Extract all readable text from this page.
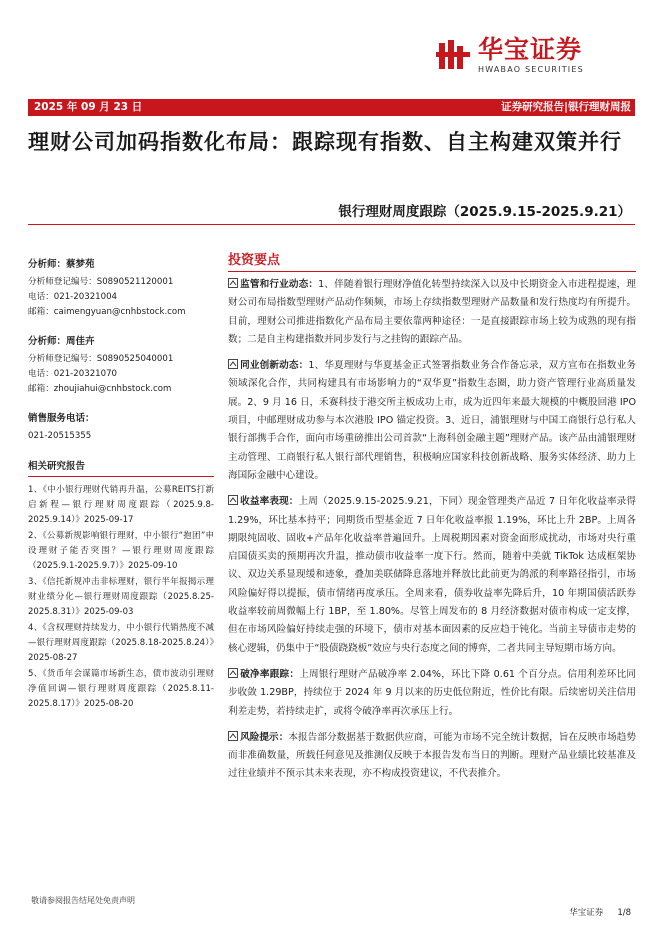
华宝证券
HWABAO SECURITIES
2025 年 09 月 23 日	证券研究报告|银行理财周报
理财公司加码指数化布局：跟踪现有指数、自主构建双策并行
银行理财周度跟踪（2025.9.15-2025.9.21）
分析师：蔡梦苑
分析师登记编号：S0890521120001
电话：021-20321004
邮箱：caimengyuan@cnhbstock.com
分析师：周佳卉
分析师登记编号：S0890525040001
电话：021-20321070
邮箱：zhoujiahui@cnhbstock.com
销售服务电话：
021-20515355
相关研究报告
1、《中小银行理财代销再升温，公募REITS打新启新程—银行理财周度跟踪（2025.9.8-2025.9.14）》2025-09-17
2、《公募新规影响银行理财，中小银行“抱团”申设理财子能否突围？—银行理财周度跟踪（2025.9.1-2025.9.7）》2025-09-10
3、《信托新规冲击非标理财，银行半年报揭示理财业绩分化—银行理财周度跟踪（2025.8.25-2025.8.31）》2025-09-03
4、《含权理财持续发力，中小银行代销热度不减—银行理财周度跟踪（2025.8.18-2025.8.24）》2025-08-27
5、《货币年会谋篇市场新生态，债市波动引理财净值回调—银行理财周度跟踪（2025.8.11-2025.8.17）》2025-08-20
投资要点
监管和行业动态：1、伴随着银行理财净值化转型持续深入以及中长期资金入市进程提速，理财公司布局指数型理财产品动作频频，市场上存续指数型理财产品数量和发行热度均有所提升。目前，理财公司推进指数化产品布局主要依靠两种途径：一是直接跟踪市场上较为成熟的现有指数；二是自主构建指数并同步发行与之挂钩的跟踪产品。
同业创新动态：1、华夏理财与华夏基金正式签署指数业务合作备忘录，双方宣布在指数业务领域深化合作，共同构建具有市场影响力的“双华夏”指数生态圈，助力资产管理行业高质量发展。2、9 月 16 日，禾赛科技于港交所主板成功上市，成为近四年来最大规模的中概股回港 IPO 项目，中邮理财成功参与本次港股 IPO 锚定投资。3、近日，浦银理财与中国工商银行总行私人银行部携手合作，面向市场重磅推出公司首款“上海科创金融主题”理财产品。该产品由浦银理财主动管理、工商银行私人银行部代理销售，积极响应国家科技创新战略、服务实体经济、助力上海国际金融中心建设。
收益率表现：上周（2025.9.15-2025.9.21，下同）现金管理类产品近 7 日年化收益率录得 1.29%，环比基本持平；同期货币型基金近 7 日年化收益率报 1.19%，环比上升 2BP。上周各期限纯固收、固收+产品年化收益率普遍回升。上周税期因素对资金面形成扰动，市场对央行重启国债买卖的预期再次升温，推动债市收益率一度下行。然而，随着中美就 TikTok 达成框架协议、双边关系显现缓和迹象，叠加美联储降息落地并释放比此前更为鸽派的利率路径指引，市场风险偏好得以提振，债市情绪再度承压。全周来看，债券收益率先降后升，10 年期国债活跃券收益率较前周微幅上行 1BP，至 1.80%。尽管上周发布的 8 月经济数据对债市构成一定支撑，但在市场风险偏好持续走强的环境下，债市对基本面因素的反应趋于钝化。当前主导债市走势的核心逻辑，仍集中于“股债跷跷板”效应与央行态度之间的博弈，二者共同主导短期市场方向。
破净率跟踪：上周银行理财产品破净率 2.04%，环比下降 0.61 个百分点。信用利差环比同步收敛 1.29BP，持续位于 2024 年 9 月以来的历史低位附近，性价比有限。后续密切关注信用利差走势，若持续走扩，或将令破净率再次承压上行。
风险提示：本报告部分数据基于数据供应商，可能为市场不完全统计数据，旨在反映市场趋势而非准确数量，所载任何意见及推测仅反映于本报告发布当日的判断。理财产品业绩比较基准及过往业绩并不预示其未来表现，亦不构成投资建议，不代表推介。
敬请参阅报告结尾处免责声明
华宝证券 1/8
